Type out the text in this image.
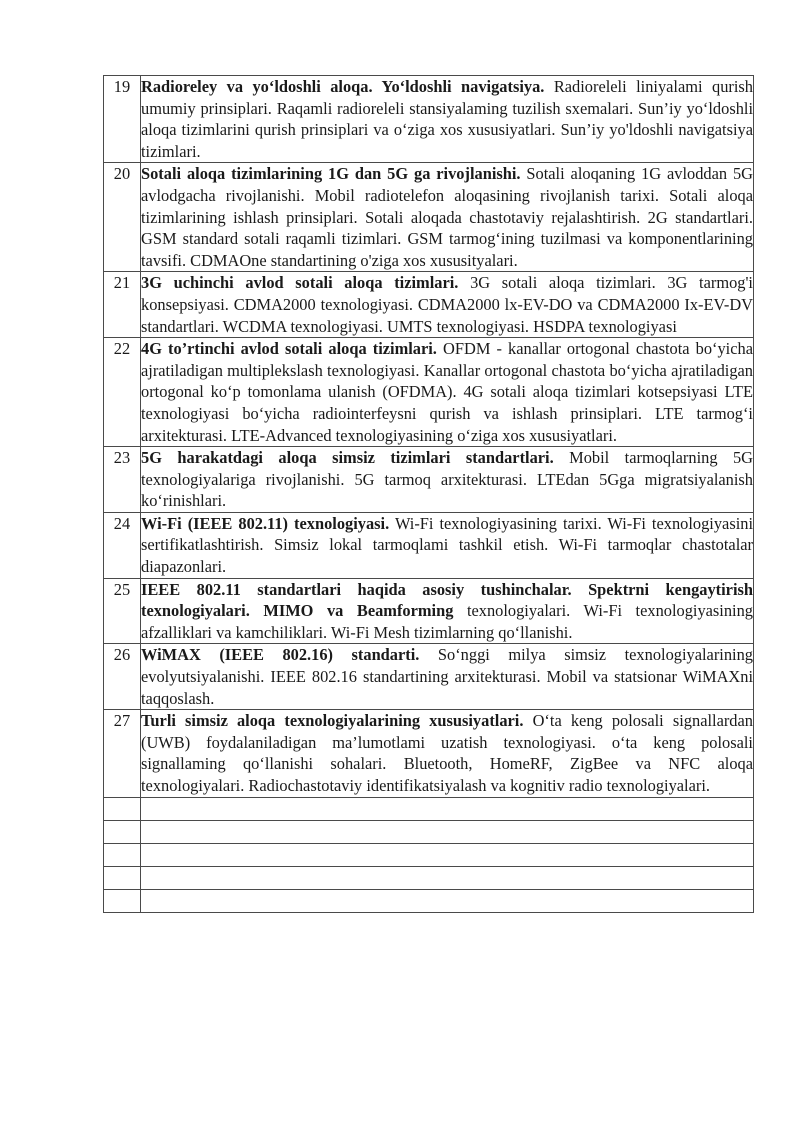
19	Radioreley va yo‘ldoshli aloqa. Yo‘ldoshli navigatsiya. Radioreleli liniyalami qurish umumiy prinsiplari. Raqamli radioreleli stansiyalaming tuzilish sxemalari. Sun’iy yo‘ldoshli aloqa tizimlarini qurish prinsiplari va o‘ziga xos xususiyatlari. Sun’iy yo'ldoshli navigatsiya tizimlari.
20	Sotali aloqa tizimlarining 1G dan 5G ga rivojlanishi. Sotali aloqaning 1G avloddan 5G avlodgacha rivojlanishi. Mobil radiotelefon aloqasining rivojlanish tarixi. Sotali aloqa tizimlarining ishlash prinsiplari. Sotali aloqada chastotaviy rejalashtirish. 2G standartlari. GSM standard sotali raqamli tizimlari. GSM tarmog‘ining tuzilmasi va komponentlarining tavsifi. CDMAOne standartining o'ziga xos xususityalari.
21	3G uchinchi avlod sotali aloqa tizimlari. 3G sotali aloqa tizimlari. 3G tarmog'i konsepsiyasi. CDMA2000 texnologiyasi. CDMA2000 lx-EV-DO va CDMA2000 Ix-EV-DV standartlari. WCDMA texnologiyasi. UMTS texnologiyasi. HSDPA texnologiyasi
22	4G to’rtinchi avlod sotali aloqa tizimlari. OFDM - kanallar ortogonal chastota bo‘yicha ajratiladigan multiplekslash texnologiyasi. Kanallar ortogonal chastota bo‘yicha ajratiladigan ortogonal ko‘p tomonlama ulanish (OFDMA). 4G sotali aloqa tizimlari kotsepsiyasi LTE texnologiyasi bo‘yicha radiointerfeysni qurish va ishlash prinsiplari. LTE tarmog‘i arxitekturasi. LTE-Advanced texnologiyasining o‘ziga xos xususiyatlari.
23	5G harakatdagi aloqa simsiz tizimlari standartlari. Mobil tarmoqlarning 5G texnologiyalariga rivojlanishi. 5G tarmoq arxitekturasi. LTEdan 5Gga migratsiyalanish ko‘rinishlari.
24	Wi-Fi (IEEE 802.11) texnologiyasi. Wi-Fi texnologiyasining tarixi. Wi-Fi texnologiyasini sertifikatlashtirish. Simsiz lokal tarmoqlami tashkil etish. Wi-Fi tarmoqlar chastotalar diapazonlari.
25	IEEE 802.11 standartlari haqida asosiy tushinchalar. Spektrni kengaytirish texnologiyalari. MIMO va Beamforming texnologiyalari. Wi-Fi texnologiyasining afzalliklari va kamchiliklari. Wi-Fi Mesh tizimlarning qo‘llanishi.
26	WiMAX (IEEE 802.16) standarti. So‘nggi milya simsiz texnologiyalarining evolyutsiyalanishi. IEEE 802.16 standartining arxitekturasi. Mobil va statsionar WiMAXni taqqoslash.
27	Turli simsiz aloqa texnologiyalarining xususiyatlari. O‘ta keng polosali signallardan (UWB) foydalaniladigan ma’lumotlami uzatish texnologiyasi. o‘ta keng polosali signallaming qo‘llanishi sohalari. Bluetooth, HomeRF, ZigBee va NFC aloqa texnologiyalari. Radiochastotaviy identifikatsiyalash va kognitiv radio texnologiyalari.
